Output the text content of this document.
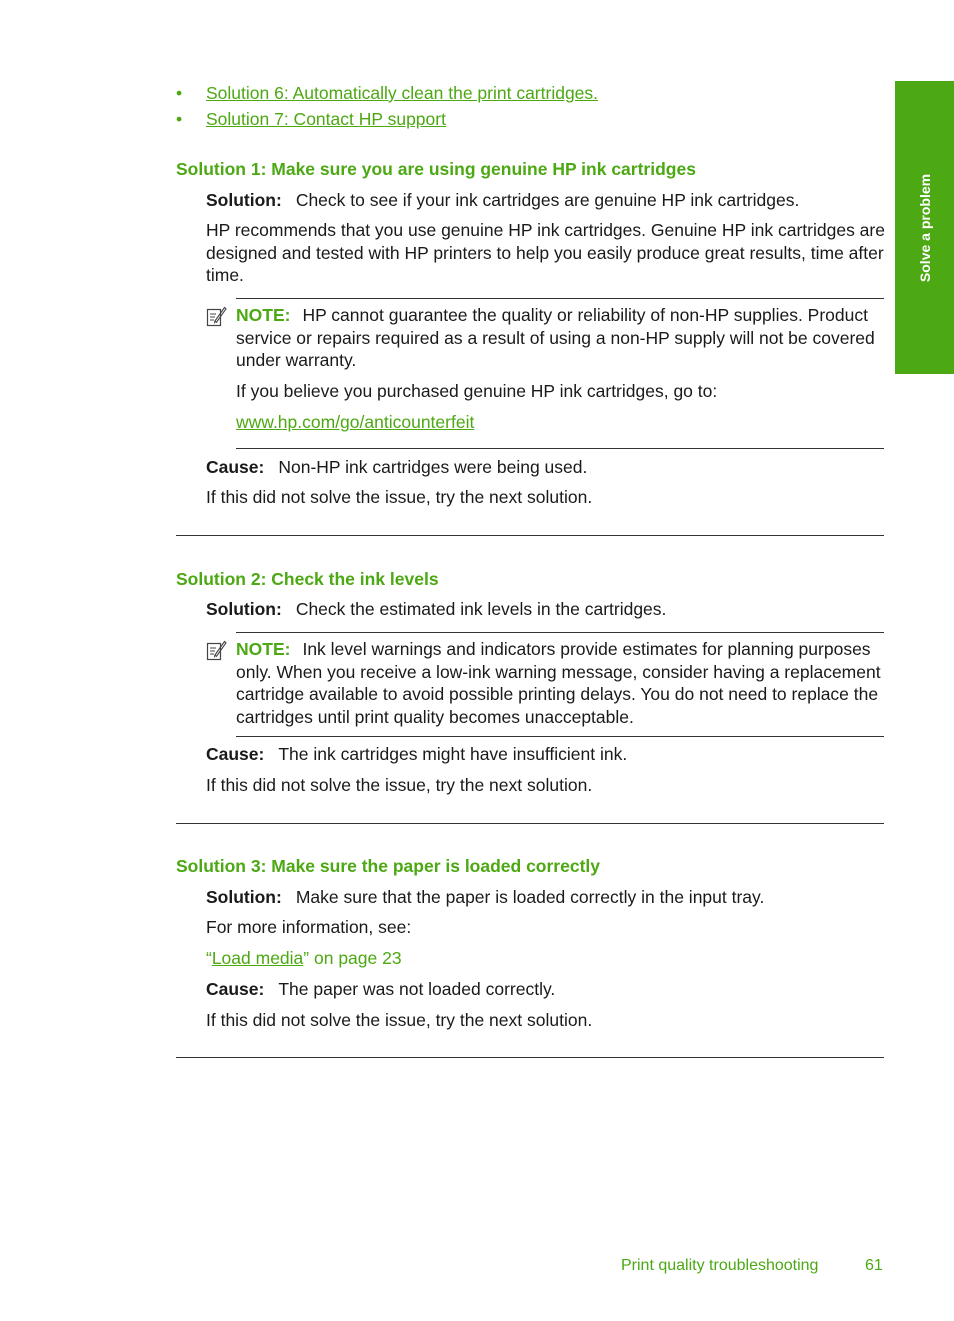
Solve a problem
• Solution 6: Automatically clean the print cartridges.
• Solution 7: Contact HP support
Solution 1: Make sure you are using genuine HP ink cartridges
Solution: Check to see if your ink cartridges are genuine HP ink cartridges.
HP recommends that you use genuine HP ink cartridges. Genuine HP ink cartridges are designed and tested with HP printers to help you easily produce great results, time after time.
NOTE: HP cannot guarantee the quality or reliability of non-HP supplies. Product service or repairs required as a result of using a non-HP supply will not be covered under warranty.
If you believe you purchased genuine HP ink cartridges, go to:
www.hp.com/go/anticounterfeit
Cause: Non-HP ink cartridges were being used.
If this did not solve the issue, try the next solution.
Solution 2: Check the ink levels
Solution: Check the estimated ink levels in the cartridges.
NOTE: Ink level warnings and indicators provide estimates for planning purposes only. When you receive a low-ink warning message, consider having a replacement cartridge available to avoid possible printing delays. You do not need to replace the cartridges until print quality becomes unacceptable.
Cause: The ink cartridges might have insufficient ink.
If this did not solve the issue, try the next solution.
Solution 3: Make sure the paper is loaded correctly
Solution: Make sure that the paper is loaded correctly in the input tray.
For more information, see:
“Load media” on page 23
Cause: The paper was not loaded correctly.
If this did not solve the issue, try the next solution.
Print quality troubleshooting	61
